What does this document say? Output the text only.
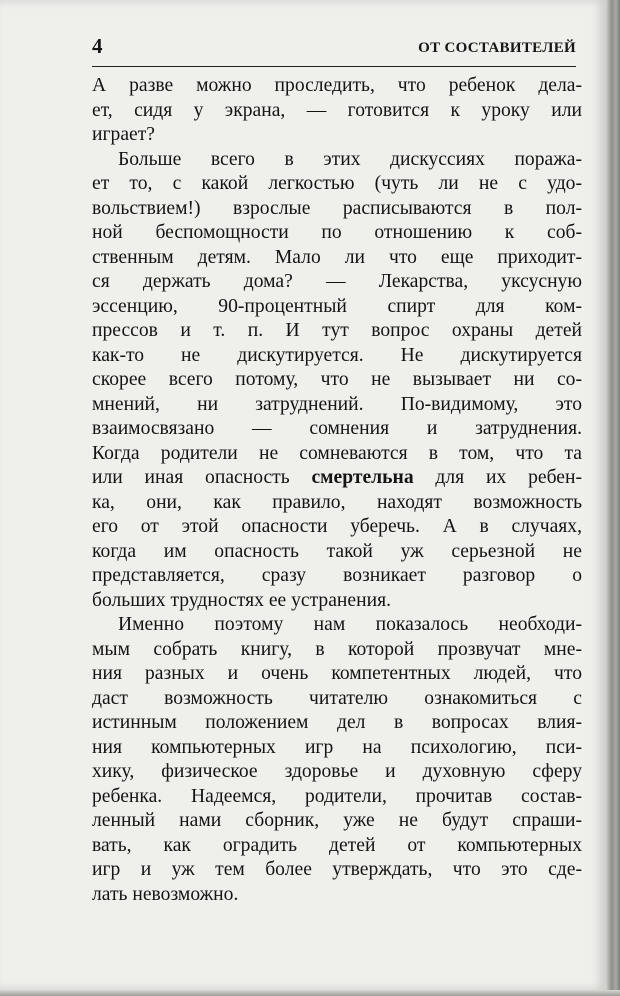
4	ОТ СОСТАВИТЕЛЕЙ
А разве можно проследить, что ребенок дела-
ет, сидя у экрана, — готовится к уроку или
играет?
Больше всего в этих дискуссиях поража-
ет то, с какой легкостью (чуть ли не с удо-
вольствием!) взрослые расписываются в пол-
ной беспомощности по отношению к соб-
ственным детям. Мало ли что еще приходит-
ся держать дома? — Лекарства, уксусную
эссенцию, 90-процентный спирт для ком-
прессов и т. п. И тут вопрос охраны детей
как-то не дискутируется. Не дискутируется
скорее всего потому, что не вызывает ни со-
мнений, ни затруднений. По-видимому, это
взаимосвязано — сомнения и затруднения.
Когда родители не сомневаются в том, что та
или иная опасность смертельна для их ребен-
ка, они, как правило, находят возможность
его от этой опасности уберечь. А в случаях,
когда им опасность такой уж серьезной не
представляется, сразу возникает разговор о
больших трудностях ее устранения.
Именно поэтому нам показалось необходи-
мым собрать книгу, в которой прозвучат мне-
ния разных и очень компетентных людей, что
даст возможность читателю ознакомиться с
истинным положением дел в вопросах влия-
ния компьютерных игр на психологию, пси-
хику, физическое здоровье и духовную сферу
ребенка. Надеемся, родители, прочитав состав-
ленный нами сборник, уже не будут спраши-
вать, как оградить детей от компьютерных
игр и уж тем более утверждать, что это сде-
лать невозможно.
